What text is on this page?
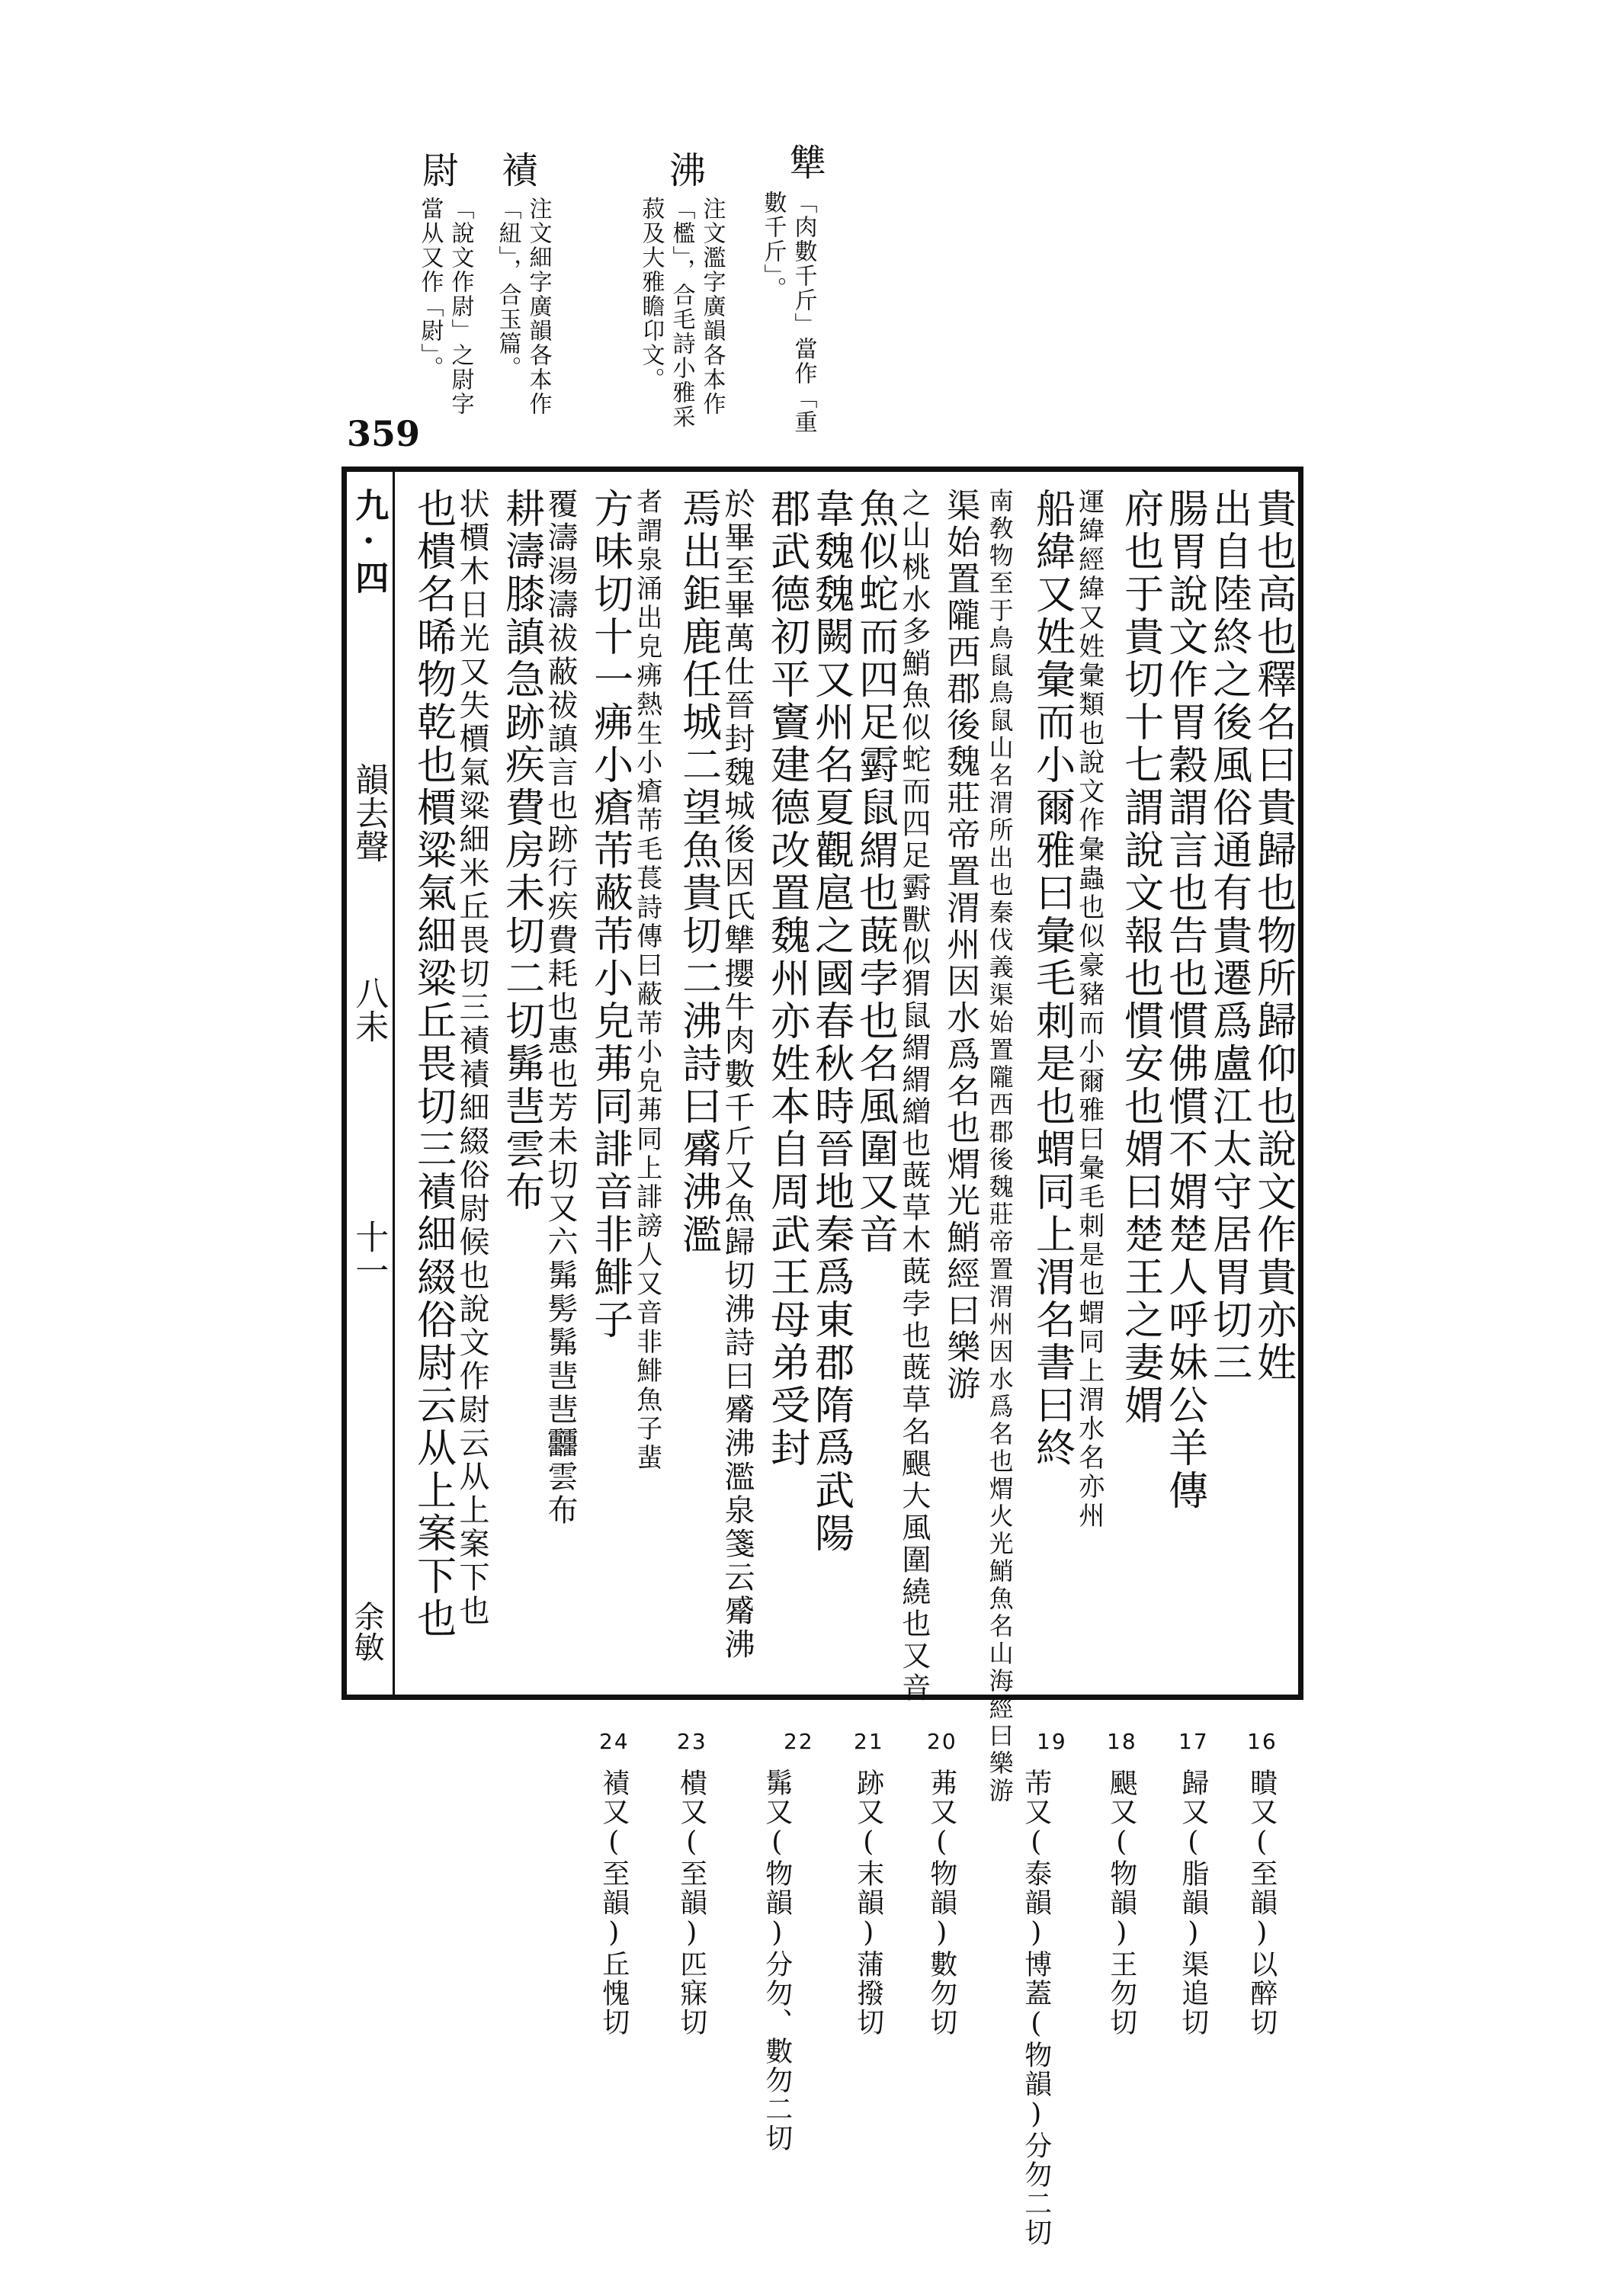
犨
「肉數千斤」當作「重
數千斤」。
沸
注文濫字廣韻各本作
「檻」，合毛詩小雅采
菽及大雅瞻卬文。
襀
注文細字廣韻各本作
「紐」，合玉篇。
尉
「說文作尉」之尉字
當从又作「㷉」。
359
九·四
韻去聲
八未
十一
余敏
貴也高也釋名曰貴歸也物所歸仰也說文作貴亦姓
出自陸終之後風俗通有貴遷爲盧江太守居胃切三
腸胃說文作胃穀謂言也告也慣佛慣不媦楚人呼妹公羊傳
府也于貴切十七謂說文報也慣安也媦曰楚王之妻媦
運緯經緯又姓彙類也說文作彙蟲也似豪豬而小爾雅曰彙毛刺是也蝟同上渭水名亦州
船緯又姓彙而小爾雅曰彙毛刺是也蝟同上渭名書曰終
南敎物至于鳥鼠鳥鼠山名渭所出也秦伐義渠始置隴西郡後魏莊帝置渭州因水爲名也煟火光鮹魚名山海經曰樂游
渠始置隴西郡後魏莊帝置渭州因水爲名也煟光鮹經曰樂游
之山桃水多鮹魚似蛇而四足䨴獸似猬鼠緭緭繒也蔇草木蔇孛也蔇草名颶大風圍繞也又音
魚似蛇而四足䨴鼠緭也蔇孛也名風圍又音
韋魏魏闕又州名夏觀扈之國春秋時晉地秦爲東郡隋爲武陽
郡武德初平竇建德改置魏州亦姓本自周武王母弟受封
於畢至畢萬仕晉封魏城後因氏犨攖牛肉數千斤又魚歸切沸詩曰觱沸濫泉箋云觱沸
焉出鉅鹿任城二望魚貴切二沸詩曰觱沸濫
者謂泉涌出皃疿熱生小瘡芾毛萇詩傳曰蔽芾小皃茀同上誹謗人又音非鯡魚子蜚
方味切十一疿小瘡芾蔽芾小皃茀同誹音非鯡子
覆濤湯濤祓蔽祓謓言也跡行疾費耗也惠也芳未切又六髴髣髴䨽䨽䨻雲布
耕濤膝謓急跡疾費房未切二切髴䨽雲布
状檟木日光又失檟氣粱細米丘畏切三襀襀細綴俗尉候也說文作㷉云从上案下也
也樻名晞物乾也檟粱氣細粱丘畏切三襀細綴俗尉云从上案下也
16
瞶又(至韻)以醉切
17
歸又(脂韻)渠追切
18
颶又(物韻)王勿切
19
芾又(泰韻)博蓋(物韻)分勿二切
20
茀又(物韻)數勿切
21
跡又(末韻)蒲撥切
22
髴又(物韻)分勿、數勿二切
23
樻又(至韻)匹寐切
24
襀又(至韻)丘愧切
